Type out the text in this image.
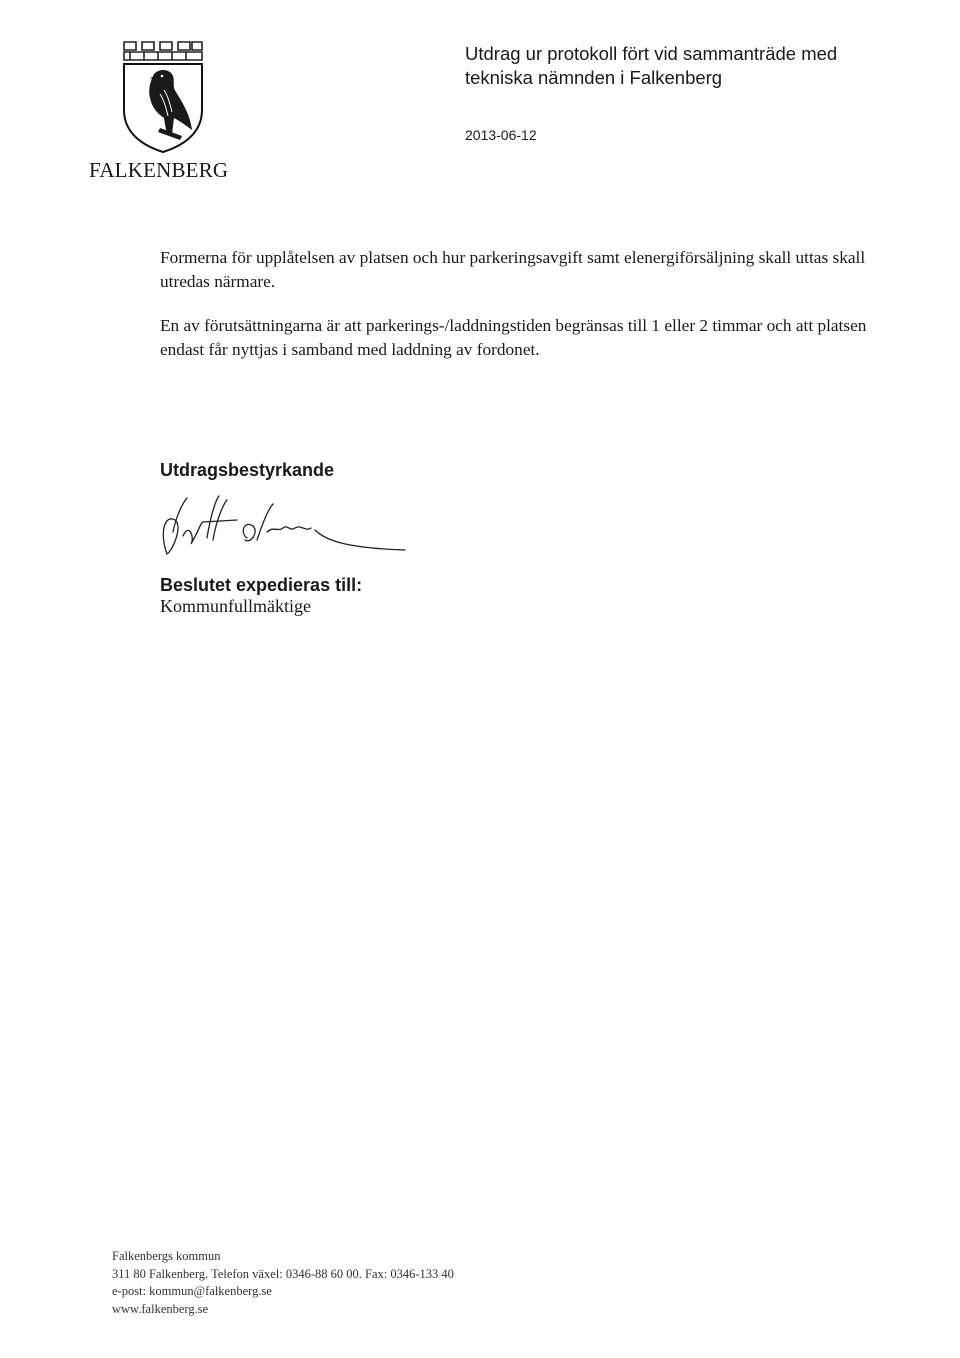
FALKENBERG
Utdrag ur protokoll fört vid sammanträde med tekniska nämnden i Falkenberg
2013-06-12
Formerna för upplåtelsen av platsen och hur parkeringsavgift samt elenergiförsäljning skall uttas skall utredas närmare.
En av förutsättningarna är att parkerings-/laddningstiden begränsas till 1 eller 2 timmar och att platsen endast får nyttjas i samband med laddning av fordonet.
Utdragsbestyrkande
Beslutet expedieras till:
Kommunfullmäktige
Falkenbergs kommun
311 80 Falkenberg. Telefon växel: 0346-88 60 00. Fax: 0346-133 40
e-post: kommun@falkenberg.se
www.falkenberg.se
